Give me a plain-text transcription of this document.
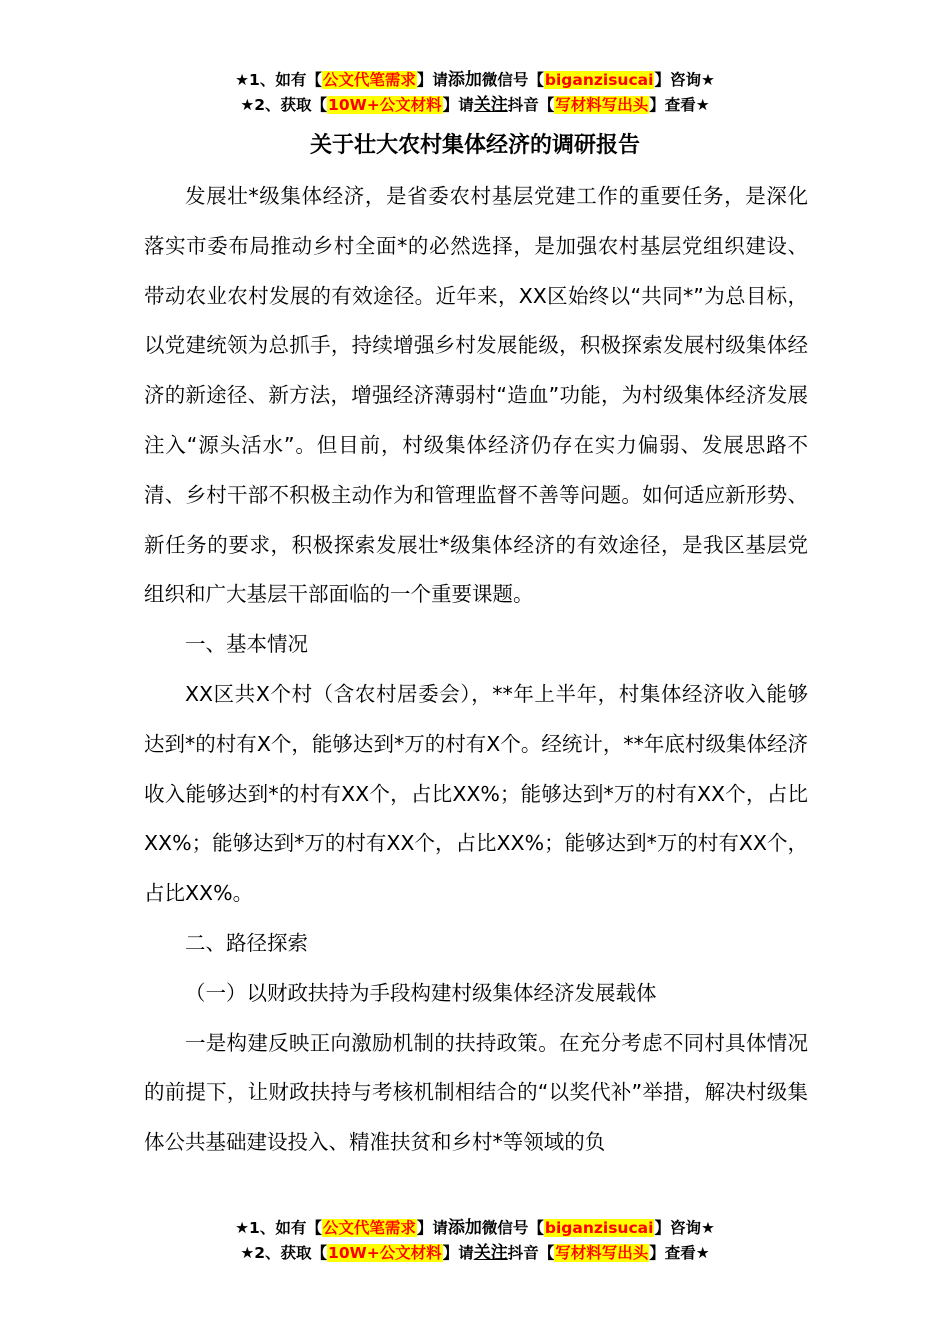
★1、如有【公文代笔需求】请添加微信号【biganzisucai】咨询★
★2、获取【10W+公文材料】请关注抖音【写材料写出头】查看★
关于壮大农村集体经济的调研报告

发展壮*级集体经济，是省委农村基层党建工作的重要任务，是深化落实市委布局推动乡村全面*的必然选择，是加强农村基层党组织建设、带动农业农村发展的有效途径。近年来，XX区始终以“共同*”为总目标，以党建统领为总抓手，持续增强乡村发展能级，积极探索发展村级集体经济的新途径、新方法，增强经济薄弱村“造血”功能，为村级集体经济发展注入“源头活水”。但目前，村级集体经济仍存在实力偏弱、发展思路不清、乡村干部不积极主动作为和管理监督不善等问题。如何适应新形势、新任务的要求，积极探索发展壮*级集体经济的有效途径，是我区基层党组织和广大基层干部面临的一个重要课题。

一、基本情况

XX区共X个村（含农村居委会），**年上半年，村集体经济收入能够达到*的村有X个，能够达到*万的村有X个。经统计，**年底村级集体经济收入能够达到*的村有XX个，占比XX%；能够达到*万的村有XX个，占比XX%；能够达到*万的村有XX个，占比XX%；能够达到*万的村有XX个，占比XX%。

二、路径探索

（一）以财政扶持为手段构建村级集体经济发展载体

一是构建反映正向激励机制的扶持政策。在充分考虑不同村具体情况的前提下，让财政扶持与考核机制相结合的“以奖代补”举措，解决村级集体公共基础建设投入、精准扶贫和乡村*等领域的负

★1、如有【公文代笔需求】请添加微信号【biganzisucai】咨询★
★2、获取【10W+公文材料】请关注抖音【写材料写出头】查看★
